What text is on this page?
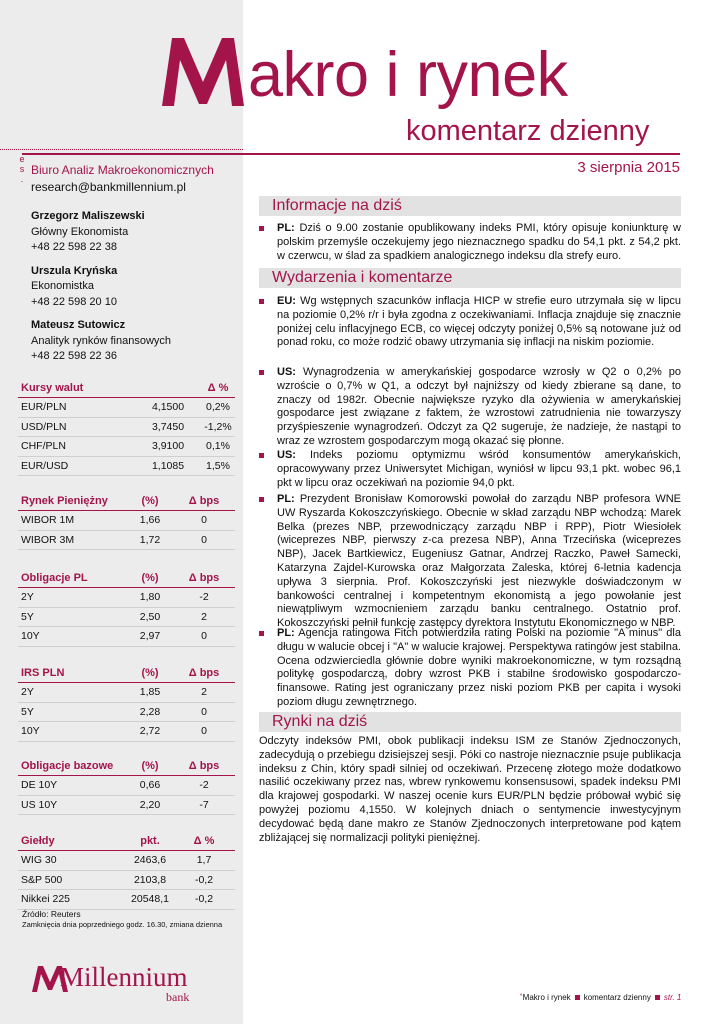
akro i rynek
komentarz dzienny
e
s
.
Biuro Analiz Makroekonomicznych
research@bankmillennium.pl
3 sierpnia 2015
Grzegorz Maliszewski
Główny Ekonomista
+48 22 598 22 38
Urszula Kryńska
Ekonomistka
+48 22 598 20 10
Mateusz Sutowicz
Analityk rynków finansowych
+48 22 598 22 36
Kursy walut	Δ %
EUR/PLN	4,1500 0,2%
USD/PLN	3,7450 -1,2%
CHF/PLN	3,9100 0,1%
EUR/USD	1,1085 1,5%
Rynek Pieniężny	(%)	Δ bps
WIBOR 1M	1,66	0
WIBOR 3M	1,72	0
Obligacje PL	(%)	Δ bps
2Y	1,80	-2
5Y	2,50	2
10Y	2,97	0
IRS PLN	(%)	Δ bps
2Y	1,85	2
5Y	2,28	0
10Y	2,72	0
Obligacje bazowe	(%)	Δ bps
DE 10Y	0,66	-2
US 10Y	2,20	-7
Giełdy	pkt.	Δ %
WIG 30	2463,6	1,7
S&P 500	2103,8	-0,2
Nikkei 225	20548,1 -0,2
Źródło: Reuters
Zamknięcia dnia poprzedniego godz. 16.30, zmiana dzienna
Millennium
bank
Informacje na dziś
PL: Dziś o 9.00 zostanie opublikowany indeks PMI, który opisuje koniunkturę w polskim przemyśle oczekujemy jego nieznacznego spadku do 54,1 pkt. z 54,2 pkt. w czerwcu, w ślad za spadkiem analogicznego indeksu dla strefy euro.
Wydarzenia i komentarze
EU: Wg wstępnych szacunków inflacja HICP w strefie euro utrzymała się w lipcu na poziomie 0,2% r/r i była zgodna z oczekiwaniami. Inflacja znajduje się znacznie poniżej celu inflacyjnego ECB, co więcej odczyty poniżej 0,5% są notowane już od ponad roku, co może rodzić obawy utrzymania się inflacji na niskim poziomie.
US: Wynagrodzenia w amerykańskiej gospodarce wzrosły w Q2 o 0,2% po wzroście o 0,7% w Q1, a odczyt był najniższy od kiedy zbierane są dane, to znaczy od 1982r. Obecnie największe ryzyko dla ożywienia w amerykańskiej gospodarce jest związane z faktem, że wzrostowi zatrudnienia nie towarzyszy przyśpieszenie wynagrodzeń. Odczyt za Q2 sugeruje, że nadzieje, że nastąpi to wraz ze wzrostem gospodarczym mogą okazać się płonne.
US: Indeks poziomu optymizmu wśród konsumentów amerykańskich, opracowywany przez Uniwersytet Michigan, wyniósł w lipcu 93,1 pkt. wobec 96,1 pkt w lipcu oraz oczekiwań na poziomie 94,0 pkt.
PL: Prezydent Bronisław Komorowski powołał do zarządu NBP profesora WNE UW Ryszarda Kokoszczyńskiego. Obecnie w skład zarządu NBP wchodzą: Marek Belka (prezes NBP, przewodniczący zarządu NBP i RPP), Piotr Wiesiołek (wiceprezes NBP, pierwszy z-ca prezesa NBP), Anna Trzecińska (wiceprezes NBP), Jacek Bartkiewicz, Eugeniusz Gatnar, Andrzej Raczko, Paweł Samecki, Katarzyna Zajdel-Kurowska oraz Małgorzata Zaleska, której 6-letnia kadencja upływa 3 sierpnia. Prof. Kokoszczyński jest niezwykle doświadczonym w bankowości centralnej i kompetentnym ekonomistą a jego powołanie jest niewątpliwym wzmocnieniem zarządu banku centralnego. Ostatnio prof. Kokoszczyński pełnił funkcję zastępcy dyrektora Instytutu Ekonomicznego w NBP.
PL: Agencja ratingowa Fitch potwierdziła rating Polski na poziomie "A minus" dla długu w walucie obcej i "A" w walucie krajowej. Perspektywa ratingów jest stabilna. Ocena odzwierciedla głównie dobre wyniki makroekonomiczne, w tym rozsądną politykę gospodarczą, dobry wzrost PKB i stabilne środowisko gospodarczo-finansowe. Rating jest ograniczany przez niski poziom PKB per capita i wysoki poziom długu zewnętrznego.
Rynki na dziś
Odczyty indeksów PMI, obok publikacji indeksu ISM ze Stanów Zjednoczonych, zadecydują o przebiegu dzisiejszej sesji. Póki co nastroje nieznacznie psuje publikacja indeksu z Chin, który spadł silniej od oczekiwań. Przecenę złotego może dodatkowo nasilić oczekiwany przez nas, wbrew rynkowemu konsensusowi, spadek indeksu PMI dla krajowej gospodarki. W naszej ocenie kurs EUR/PLN będzie próbował wybić się powyżej poziomu 4,1550. W kolejnych dniach o sentymencie inwestycyjnym decydować będą dane makro ze Stanów Zjednoczonych interpretowane pod kątem zbliżającej się normalizacji polityki pieniężnej.
˚Makro i rynek komentarz dzienny str. 1
